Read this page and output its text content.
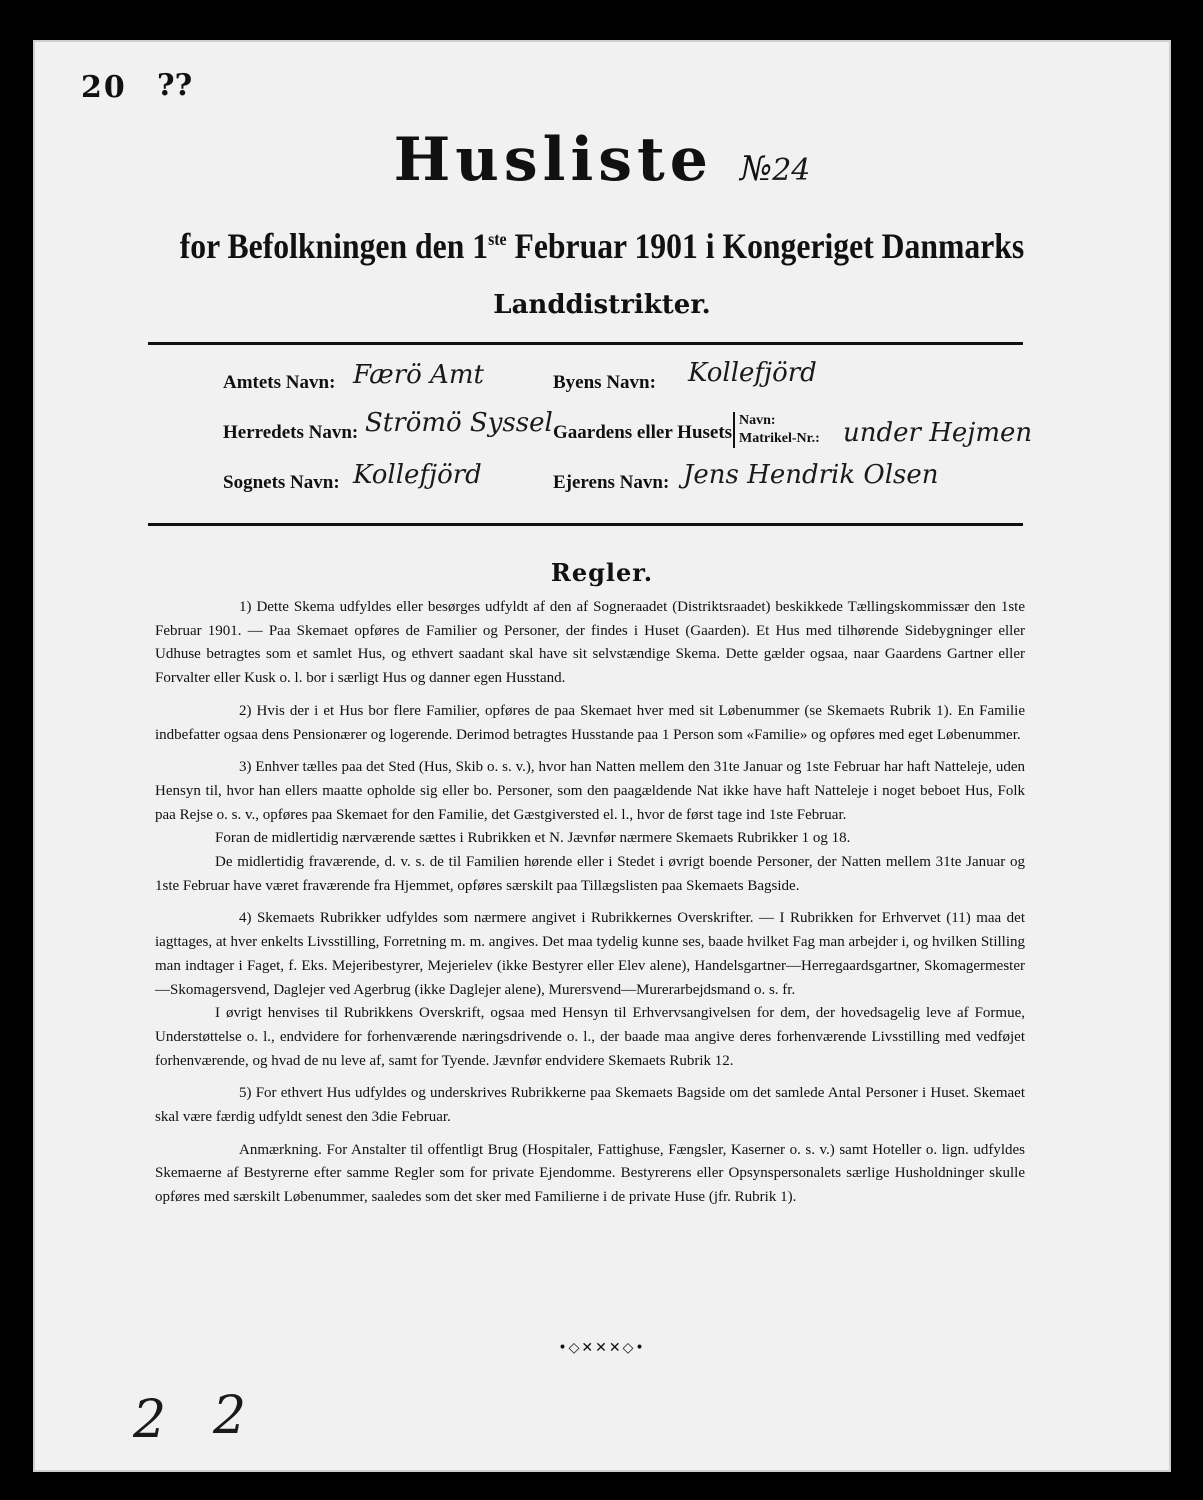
20 ??
Husliste №24
for Befolkningen den 1ste Februar 1901 i Kongeriget Danmarks
Landdistrikter.
Amtets Navn: Færö Amt	Byens Navn: Kollefjörd
Herredets Navn: Strömö Syssel Gaardens eller Husets
Navn:
Matrikel-Nr.: under Hejmen
Sognets Navn: Kollefjörd	Ejerens Navn: Jens Hendrik Olsen
Regler.

1) Dette Skema udfyldes eller besørges udfyldt af den af Sogneraadet (Distriktsraadet) beskikkede Tællingskommissær den 1ste Februar 1901. — Paa Skemaet opføres de Familier og Personer, der findes i Huset (Gaarden). Et Hus med tilhørende Sidebygninger eller Udhuse betragtes som et samlet Hus, og ethvert saadant skal have sit selvstændige Skema. Dette gælder ogsaa, naar Gaardens Gartner eller Forvalter eller Kusk o. l. bor i særligt Hus og danner egen Husstand.

2) Hvis der i et Hus bor flere Familier, opføres de paa Skemaet hver med sit Løbenummer (se Skemaets Rubrik 1). En Familie indbefatter ogsaa dens Pensionærer og logerende. Derimod betragtes Husstande paa 1 Person som «Familie» og opføres med eget Løbenummer.

3) Enhver tælles paa det Sted (Hus, Skib o. s. v.), hvor han Natten mellem den 31te Januar og 1ste Februar har haft Natteleje, uden Hensyn til, hvor han ellers maatte opholde sig eller bo. Personer, som den paagældende Nat ikke have haft Natteleje i noget beboet Hus, Folk paa Rejse o. s. v., opføres paa Skemaet for den Familie, det Gæstgiversted el. l., hvor de først tage ind 1ste Februar.

Foran de midlertidig nærværende sættes i Rubrikken et N. Jævnfør nærmere Skemaets Rubrikker 1 og 18.

De midlertidig fraværende, d. v. s. de til Familien hørende eller i Stedet i øvrigt boende Personer, der Natten mellem 31te Januar og 1ste Februar have været fraværende fra Hjemmet, opføres særskilt paa Tillægslisten paa Skemaets Bagside.

4) Skemaets Rubrikker udfyldes som nærmere angivet i Rubrikkernes Overskrifter. — I Rubrikken for Erhvervet (11) maa det iagttages, at hver enkelts Livsstilling, Forretning m. m. angives. Det maa tydelig kunne ses, baade hvilket Fag man arbejder i, og hvilken Stilling man indtager i Faget, f. Eks. Mejeribestyrer, Mejerielev (ikke Bestyrer eller Elev alene), Handelsgartner—Herregaardsgartner, Skomagermester—Skomagersvend, Daglejer ved Agerbrug (ikke Daglejer alene), Murersvend—Murerarbejdsmand o. s. fr.

I øvrigt henvises til Rubrikkens Overskrift, ogsaa med Hensyn til Erhvervsangivelsen for dem, der hovedsagelig leve af Formue, Understøttelse o. l., endvidere for forhenværende næringsdrivende o. l., der baade maa angive deres forhenværende Livsstilling med vedføjet forhenværende, og hvad de nu leve af, samt for Tyende. Jævnfør endvidere Skemaets Rubrik 12.

5) For ethvert Hus udfyldes og underskrives Rubrikkerne paa Skemaets Bagside om det samlede Antal Personer i Huset. Skemaet skal være færdig udfyldt senest den 3die Februar.

Anmærkning. For Anstalter til offentligt Brug (Hospitaler, Fattighuse, Fængsler, Kaserner o. s. v.) samt Hoteller o. lign. udfyldes Skemaerne af Bestyrerne efter samme Regler som for private Ejendomme. Bestyrerens eller Opsynspersonalets særlige Husholdninger skulle opføres med særskilt Løbenummer, saaledes som det sker med Familierne i de private Huse (jfr. Rubrik 1).

•◇✕✕✕◇•
2 2
